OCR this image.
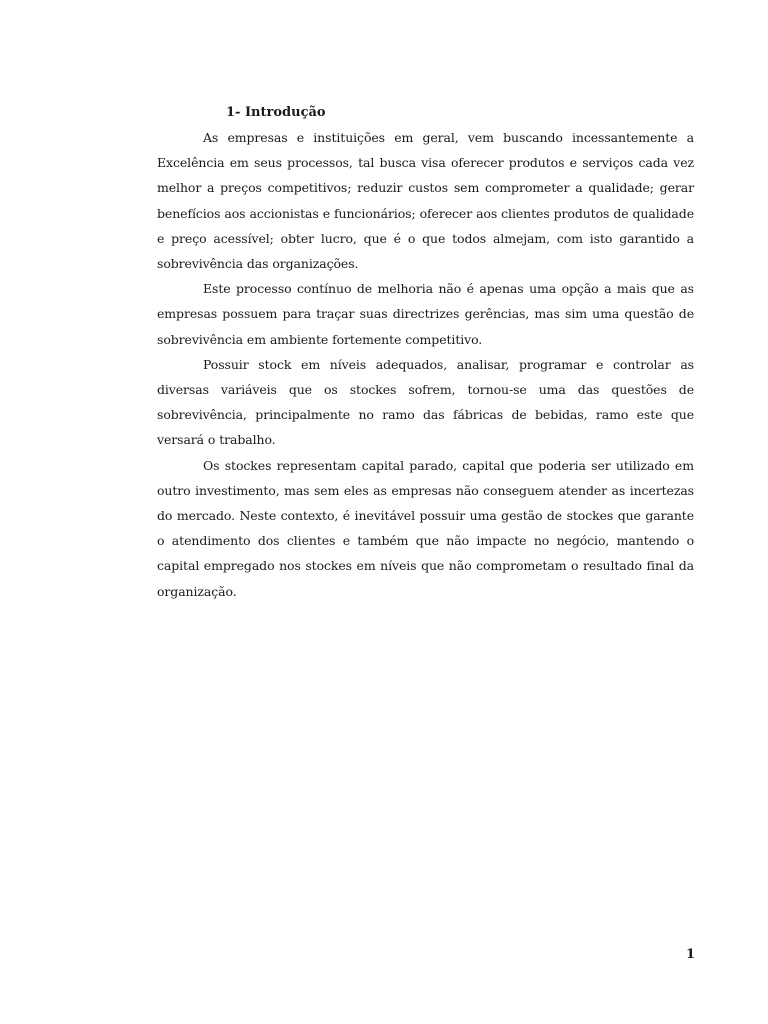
1- Introdução

As empresas e instituições em geral, vem buscando incessantemente a Excelência em seus processos, tal busca visa oferecer produtos e serviços cada vez melhor a preços competitivos; reduzir custos sem comprometer a qualidade; gerar benefícios aos accionistas e funcionários; oferecer aos clientes produtos de qualidade e preço acessível; obter lucro, que é o que todos almejam, com isto garantido a sobrevivência das organizações.

Este processo contínuo de melhoria não é apenas uma opção a mais que as empresas possuem para traçar suas directrizes gerências, mas sim uma questão de sobrevivência em ambiente fortemente competitivo.

Possuir stock em níveis adequados, analisar, programar e controlar as diversas variáveis que os stockes sofrem, tornou-se uma das questões de sobrevivência, principalmente no ramo das fábricas de bebidas, ramo este que versará o trabalho.

Os stockes representam capital parado, capital que poderia ser utilizado em outro investimento, mas sem eles as empresas não conseguem atender as incertezas do mercado. Neste contexto, é inevitável possuir uma gestão de stockes que garante o atendimento dos clientes e também que não impacte no negócio, mantendo o capital empregado nos stockes em níveis que não comprometam o resultado final da organização.

1
